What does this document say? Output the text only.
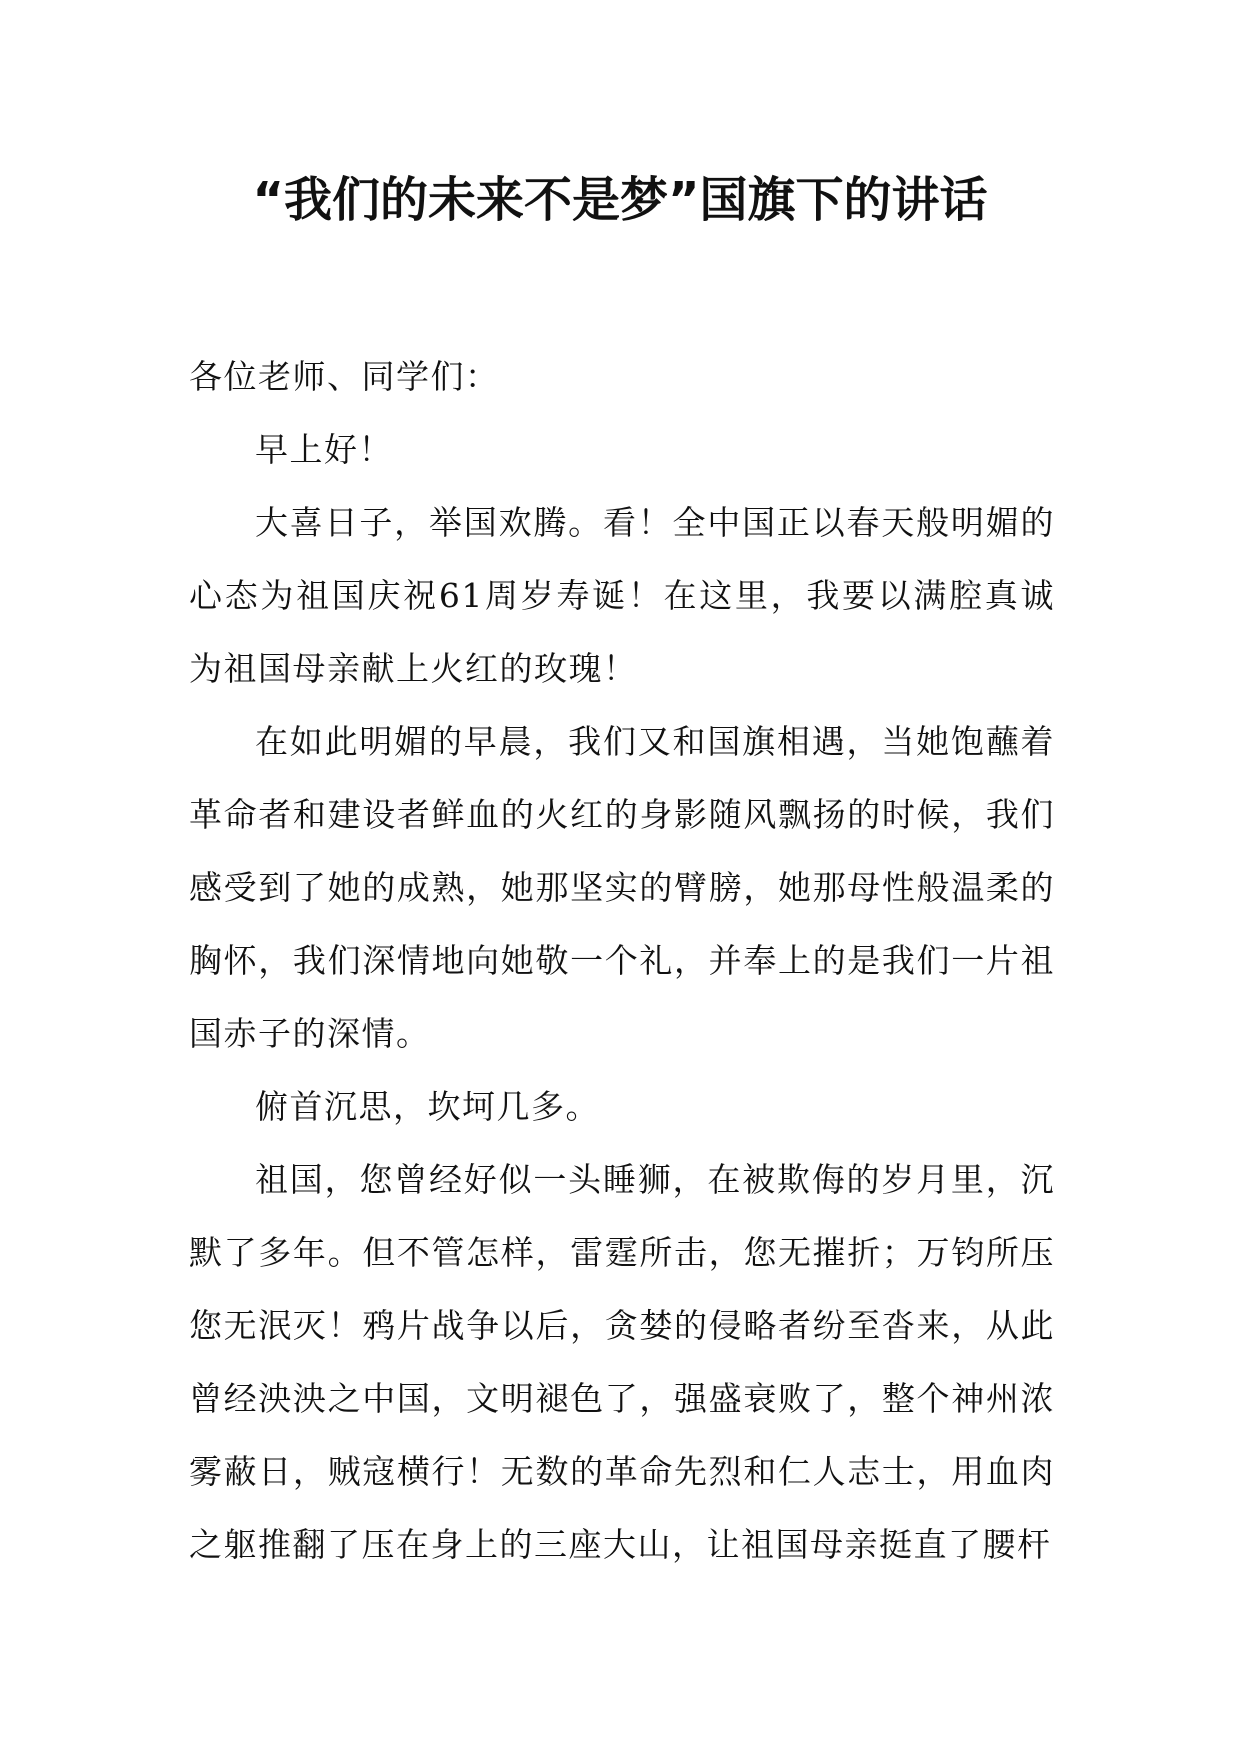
“我们的未来不是梦”国旗下的讲话

各位老师、同学们：

早上好！

大喜日子，举国欢腾。看！全中国正以春天般明媚的心态为祖国庆祝61周岁寿诞！在这里，我要以满腔真诚为祖国母亲献上火红的玫瑰！

在如此明媚的早晨，我们又和国旗相遇，当她饱蘸着革命者和建设者鲜血的火红的身影随风飘扬的时候，我们感受到了她的成熟，她那坚实的臂膀，她那母性般温柔的胸怀，我们深情地向她敬一个礼，并奉上的是我们一片祖国赤子的深情。

俯首沉思，坎坷几多。

祖国，您曾经好似一头睡狮，在被欺侮的岁月里，沉默了多年。但不管怎样，雷霆所击，您无摧折；万钧所压您无泯灭！鸦片战争以后，贪婪的侵略者纷至沓来，从此曾经泱泱之中国，文明褪色了，强盛衰败了，整个神州浓雾蔽日，贼寇横行！无数的革命先烈和仁人志士，用血肉之躯推翻了压在身上的三座大山，让祖国母亲挺直了腰杆
